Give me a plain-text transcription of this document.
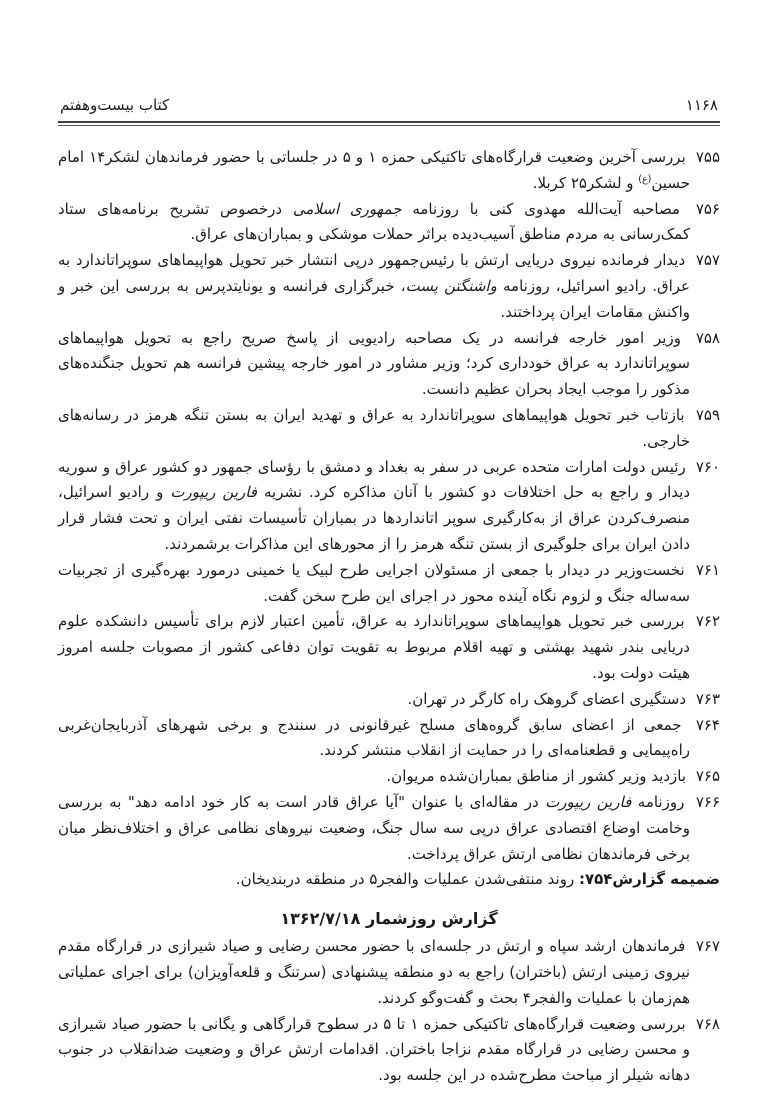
۱۱۶۸
کتاب بیست‌وهفتم

۷۵۵ بررسی آخرین وضعیت قرارگاه‌های تاکتیکی حمزه ۱ و ۵ در جلساتی با حضور فرماندهان لشکر۱۴ امام حسین$^{(ع)}$ و لشکر۲۵ کربلا.

۷۵۶ مصاحبه آیت‌الله مهدوی کنی با روزنامه جمهوری اسلامی درخصوص تشریح برنامه‌های ستاد کمک‌رسانی به مردم مناطق آسیب‌دیده براثر حملات موشکی و بمباران‌های عراق.

۷۵۷ دیدار فرمانده نیروی دریایی ارتش با رئیس‌جمهور درپی انتشار خبر تحویل هواپیماهای سوپراتاندارد به عراق. رادیو اسرائیل، روزنامه واشنگتن پست، خبرگزاری فرانسه و یونایتدپرس به بررسی این خبر و واکنش مقامات ایران پرداختند.

۷۵۸ وزیر امور خارجه فرانسه در یک مصاحبه رادیویی از پاسخ صریح راجع به تحویل هواپیماهای سوپراتاندارد به عراق خودداری کرد؛ وزیر مشاور در امور خارجه پیشین فرانسه هم تحویل جنگنده‌های مذکور را موجب ایجاد بحران عظیم دانست.

۷۵۹ بازتاب خبر تحویل هواپیماهای سوپراتاندارد به عراق و تهدید ایران به بستن تنگه هرمز در رسانه‌های خارجی.

۷۶۰ رئیس دولت امارات متحده عربی در سفر به بغداد و دمشق با رؤسای جمهور دو کشور عراق و سوریه دیدار و راجع به حل اختلافات دو کشور با آنان مذاکره کرد. نشریه فارین ریپورت و رادیو اسرائیل، منصرف‌کردن عراق از به‌کارگیری سوپر اتانداردها در بمباران تأسیسات نفتی ایران و تحت فشار قرار دادن ایران برای جلوگیری از بستن تنگه هرمز را از محورهای این مذاکرات برشمردند.

۷۶۱ نخست‌وزیر در دیدار با جمعی از مسئولان اجرایی طرح لبیک یا خمینی درمورد بهره‌گیری از تجربیات سه‌ساله جنگ و لزوم نگاه آینده محور در اجرای این طرح سخن گفت.

۷۶۲ بررسی خبر تحویل هواپیماهای سوپراتاندارد به عراق، تأمین اعتبار لازم برای تأسیس دانشکده علوم دریایی بندر شهید بهشتی و تهیه اقلام مربوط به تقویت توان دفاعی کشور از مصوبات جلسه امروز هیئت دولت بود.

۷۶۳ دستگیری اعضای گروهک راه کارگر در تهران.

۷۶۴ جمعی از اعضای سابق گروه‌های مسلح غیرقانونی در سنندج و برخی شهرهای آذربایجان‌غربی راه‌پیمایی و قطعنامه‌ای را در حمایت از انقلاب منتشر کردند.

۷۶۵ بازدید وزیر کشور از مناطق بمباران‌شده مریوان.

۷۶۶ روزنامه فارین ریپورت در مقاله‌ای با عنوان "آیا عراق قادر است به کار خود ادامه دهد" به بررسی وخامت اوضاع اقتصادی عراق درپی سه سال جنگ، وضعیت نیروهای نظامی عراق و اختلاف‌نظر میان برخی فرماندهان نظامی ارتش عراق پرداخت.

ضمیمه گزارش۷۵۴: روند منتفی‌شدن عملیات والفجر۵ در منطقه دربندیخان.

گزارش روزشمار ۱۳۶۲/۷/۱۸

۷۶۷ فرماندهان ارشد سپاه و ارتش در جلسه‌ای با حضور محسن رضایی و صیاد شیرازی در قرارگاه مقدم نیروی زمینی ارتش (باختران) راجع به دو منطقه پیشنهادی (سرتنگ و قلعه‌آویزان) برای اجرای عملیاتی هم‌زمان با عملیات والفجر۴ بحث و گفت‌وگو کردند.

۷۶۸ بررسی وضعیت قرارگاه‌های تاکتیکی حمزه ۱ تا ۵ در سطوح قرارگاهی و یگانی با حضور صیاد شیرازی و محسن رضایی در قرارگاه مقدم نزاجا باختران. اقدامات ارتش عراق و وضعیت ضدانقلاب در جنوب دهانه شیلر از مباحث مطرح‌شده در این جلسه بود.
